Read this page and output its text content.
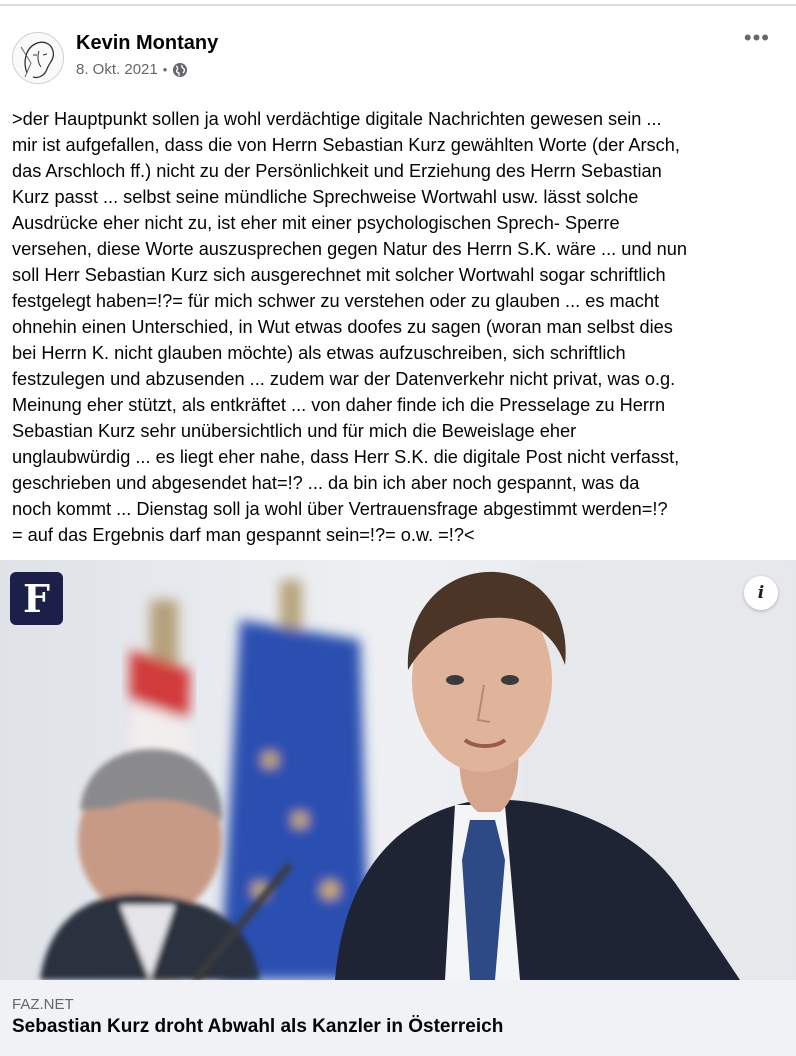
Kevin Montany
8. Okt. 2021 •
•••
>der Hauptpunkt sollen ja wohl verdächtige digitale Nachrichten gewesen sein ...
mir ist aufgefallen, dass die von Herrn Sebastian Kurz gewählten Worte (der Arsch,
das Arschloch ff.) nicht zu der Persönlichkeit und Erziehung des Herrn Sebastian
Kurz passt ... selbst seine mündliche Sprechweise Wortwahl usw. lässt solche
Ausdrücke eher nicht zu, ist eher mit einer psychologischen Sprech- Sperre
versehen, diese Worte auszusprechen gegen Natur des Herrn S.K. wäre ... und nun
soll Herr Sebastian Kurz sich ausgerechnet mit solcher Wortwahl sogar schriftlich
festgelegt haben=!?= für mich schwer zu verstehen oder zu glauben ... es macht
ohnehin einen Unterschied, in Wut etwas doofes zu sagen (woran man selbst dies
bei Herrn K. nicht glauben möchte) als etwas aufzuschreiben, sich schriftlich
festzulegen und abzusenden ... zudem war der Datenverkehr nicht privat, was o.g.
Meinung eher stützt, als entkräftet ... von daher finde ich die Presselage zu Herrn
Sebastian Kurz sehr unübersichtlich und für mich die Beweislage eher
unglaubwürdig ... es liegt eher nahe, dass Herr S.K. die digitale Post nicht verfasst,
geschrieben und abgesendet hat=!? ... da bin ich aber noch gespannt, was da
noch kommt ... Dienstag soll ja wohl über Vertrauensfrage abgestimmt werden=!?
= auf das Ergebnis darf man gespannt sein=!?= o.w. =!?<
F	i
FAZ.NET
Sebastian Kurz droht Abwahl als Kanzler in Österreich
